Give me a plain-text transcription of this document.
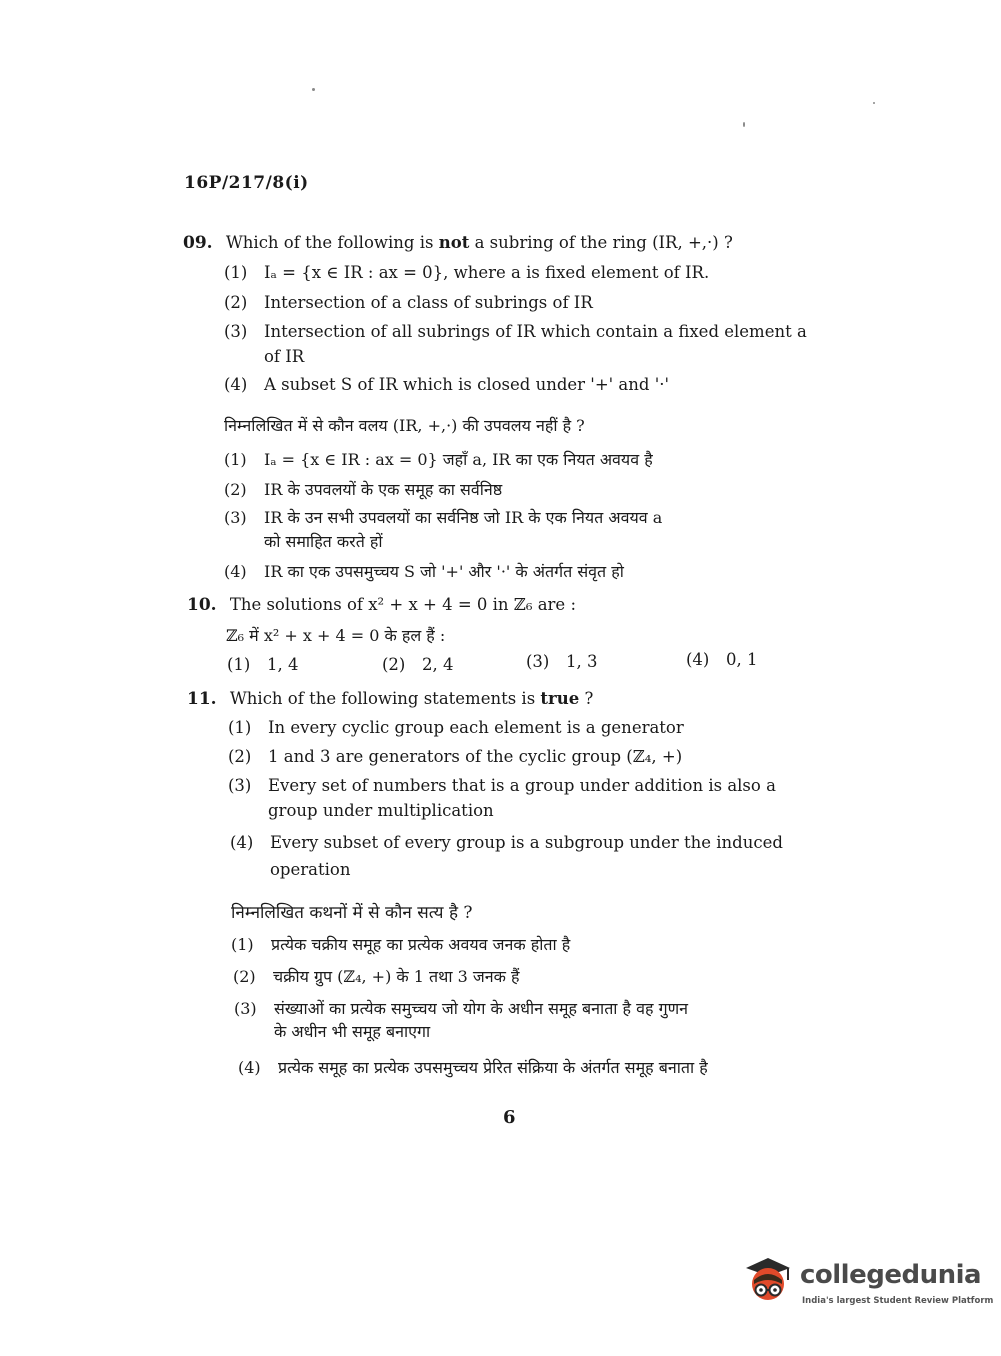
16P/217/8(i)
09. Which of the following is not a subring of the ring (IR, +,·) ?
(1) Iₐ = {x ∈ IR : ax = 0}, where a is fixed element of IR.
(2) Intersection of a class of subrings of IR
(3) Intersection of all subrings of IR which contain a fixed element a
of IR
(4) A subset S of IR which is closed under '+' and '·'
निम्नलिखित में से कौन वलय (IR, +,·) की उपवलय नहीं है ?
(1) Iₐ = {x ∈ IR : ax = 0} जहाँ a, IR का एक नियत अवयव है
(2) IR के उपवलयों के एक समूह का सर्वनिष्ठ
(3) IR के उन सभी उपवलयों का सर्वनिष्ठ जो IR के एक नियत अवयव a
को समाहित करते हों
(4) IR का एक उपसमुच्चय S जो '+' और '·' के अंतर्गत संवृत हो
10. The solutions of x² + x + 4 = 0 in ℤ₆ are :
ℤ₆ में x² + x + 4 = 0 के हल हैं :
(1) 1, 4	(2) 2, 4	(3) 1, 3	(4) 0, 1
11. Which of the following statements is true ?
(1) In every cyclic group each element is a generator
(2) 1 and 3 are generators of the cyclic group (ℤ₄, +)
(3) Every set of numbers that is a group under addition is also a
group under multiplication
(4) Every subset of every group is a subgroup under the induced
operation
निम्नलिखित कथनों में से कौन सत्य है ?
(1) प्रत्येक चक्रीय समूह का प्रत्येक अवयव जनक होता है
(2) चक्रीय ग्रुप (ℤ₄, +) के 1 तथा 3 जनक हैं
(3) संख्याओं का प्रत्येक समुच्चय जो योग के अधीन समूह बनाता है वह गुणन
के अधीन भी समूह बनाएगा
(4) प्रत्येक समूह का प्रत्येक उपसमुच्चय प्रेरित संक्रिया के अंतर्गत समूह बनाता है
6
collegedunia
India's largest Student Review Platform
